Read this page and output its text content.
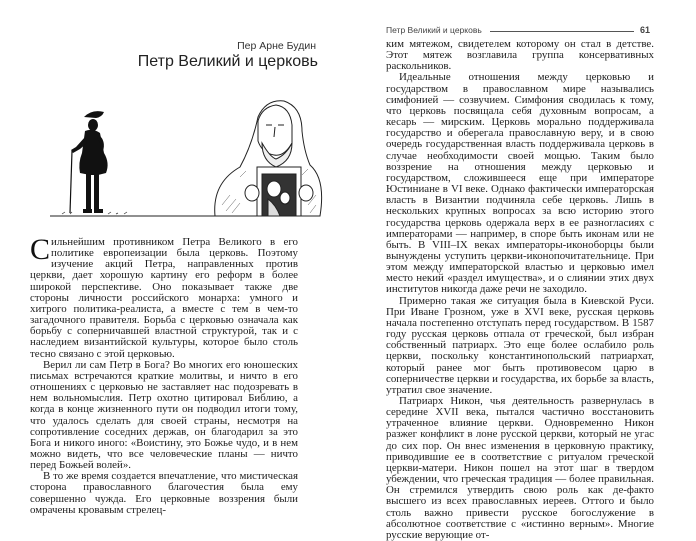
Пер Арне Будин
Петр Великий и церковь

Сильнейшим противником Петра Великого в его политике европеизации была церковь. Поэтому изучение акций Петра, направленных против церкви, дает хорошую картину его реформ в более широкой перспективе. Оно показывает также две стороны личности российского монарха: умного и хитрого политика-реалиста, а вместе с тем в чем-то загадочного правителя. Борьба с церковью означала как борьбу с соперничавшей властной структурой, так и с наследием византийской культуры, которое было столь тесно связано с этой церковью.

Верил ли сам Петр в Бога? Во многих его юношеских письмах встречаются краткие молитвы, и ничто в его отношениях с церковью не заставляет нас подозревать в нем вольномыслия. Петр охотно цитировал Библию, а когда в конце жизненного пути он подводил итоги тому, что удалось сделать для своей страны, несмотря на сопротивление соседних держав, он благодарил за это Бога и никого иного: «Воистину, это Божье чудо, и в нем можно видеть, что все человеческие планы — ничто перед Божьей волей».

В то же время создается впечатление, что мистическая сторона православного благочестия была ему совершенно чужда. Его церковные воззрения были омрачены кровавым стрелец-

Петр Великий и церковь	61

ким мятежом, свидетелем которому он стал в детстве. Этот мятеж возглавила группа консервативных раскольников.

Идеальные отношения между церковью и государством в православном мире назывались симфонией — созвучием. Симфония сводилась к тому, что церковь посвящала себя духовным вопросам, а кесарь — мирским. Церковь морально поддерживала государство и оберегала православную веру, и в свою очередь государственная власть поддерживала церковь в случае необходимости своей мощью. Таким было воззрение на отношения между церковью и государством, сложившееся еще при императоре Юстиниане в VI веке. Однако фактически императорская власть в Византии подчиняла себе церковь. Лишь в нескольких крупных вопросах за всю историю этого государства церковь одержала верх в ее разногласиях с императорами — например, в споре быть иконам или не быть. В VIII–IX веках императоры-иконоборцы были вынуждены уступить церкви-иконопочитательнице. При этом между императорской властью и церковью имел место некий «раздел имущества», и о слиянии этих двух институтов никогда даже речи не заходило.

Примерно такая же ситуация была в Киевской Руси. При Иване Грозном, уже в XVI веке, русская церковь начала постепенно отступать перед государством. В 1587 году русская церковь отпала от греческой, был избран собственный патриарх. Это еще более ослабило роль церкви, поскольку константинопольский патриархат, который ранее мог быть противовесом царю в соперничестве церкви и государства, их борьбе за власть, утратил свое значение.

Патриарх Никон, чья деятельность развернулась в середине XVII века, пытался частично восстановить утраченное влияние церкви. Одновременно Никон разжег конфликт в лоне русской церкви, который не угас до сих пор. Он внес изменения в церковную практику, приводившие ее в соответствие с ритуалом греческой церкви-матери. Никон пошел на этот шаг в твердом убеждении, что греческая традиция — более правильная. Он стремился утвердить свою роль как де-факто высшего из всех православных иереев. Оттого и было столь важно привести русское богослужение в абсолютное соответствие с «истинно верным». Многие русские верующие от-
